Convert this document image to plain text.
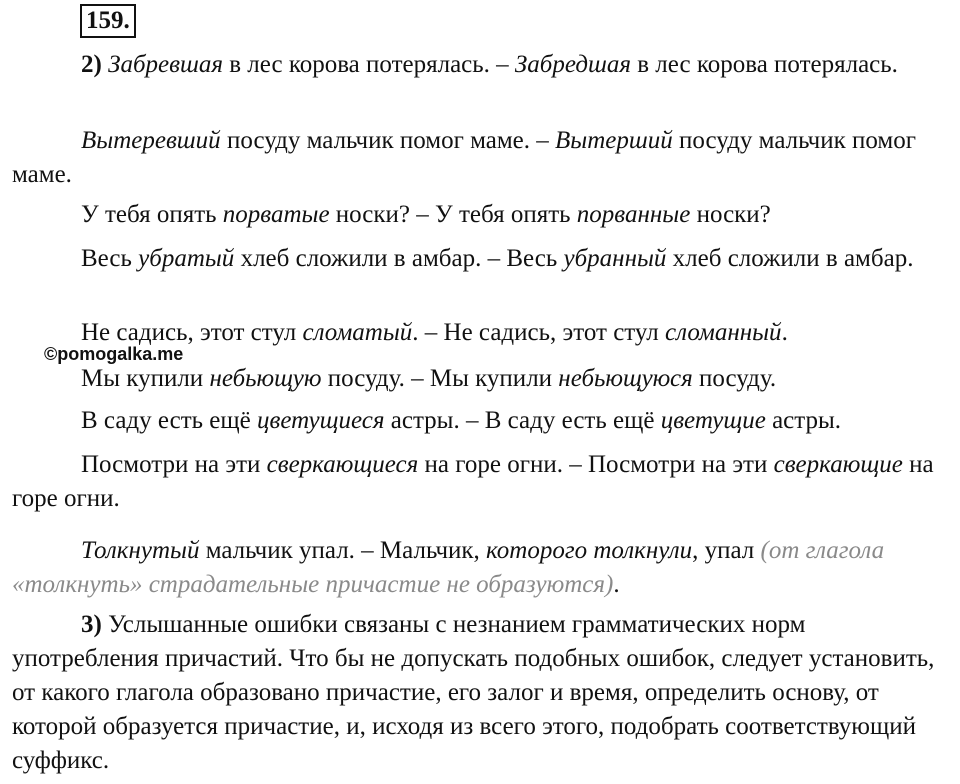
159.

2) Забревшая в лес корова потерялась. – Забредшая в лес корова потерялась.

Вытеревший посуду мальчик помог маме. – Вытерший посуду мальчик помог маме.

У тебя опять порватые носки? – У тебя опять порванные носки?

Весь убратый хлеб сложили в амбар. – Весь убранный хлеб сложили в амбар.

Не садись, этот стул сломатый. – Не садись, этот стул сломанный.

Мы купили небьющую посуду. – Мы купили небьющуюся посуду.

В саду есть ещё цветущиеся астры. – В саду есть ещё цветущие астры.

Посмотри на эти сверкающиеся на горе огни. – Посмотри на эти сверкающие на горе огни.

Толкнутый мальчик упал. – Мальчик, которого толкнули, упал (от глагола «толкнуть» страдательные причастие не образуются).

3) Услышанные ошибки связаны с незнанием грамматических норм употребления причастий. Что бы не допускать подобных ошибок, следует установить, от какого глагола образовано причастие, его залог и время, определить основу, от которой образуется причастие, и, исходя из всего этого, подобрать соответствующий суффикс.

©pomogalka.me
